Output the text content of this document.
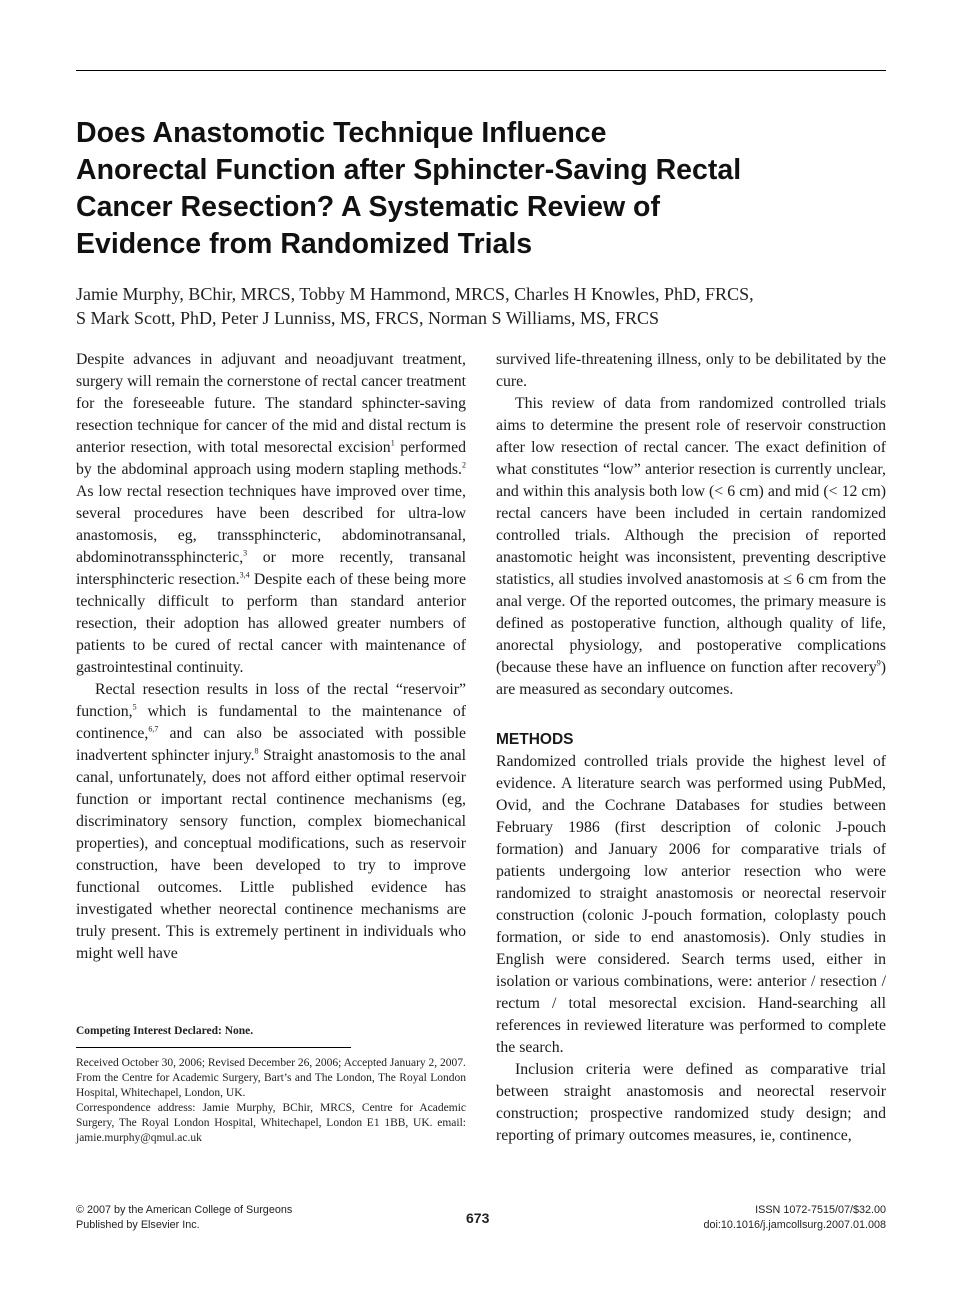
Does Anastomotic Technique Influence
Anorectal Function after Sphincter-Saving Rectal
Cancer Resection? A Systematic Review of
Evidence from Randomized Trials
Jamie Murphy, BChir, MRCS, Tobby M Hammond, MRCS, Charles H Knowles, PhD, FRCS,
S Mark Scott, PhD, Peter J Lunniss, MS, FRCS, Norman S Williams, MS, FRCS

Despite advances in adjuvant and neoadjuvant treatment, surgery will remain the cornerstone of rectal cancer treatment for the foreseeable future. The standard sphincter-saving resection technique for cancer of the mid and distal rectum is anterior resection, with total mesorectal excision$^1$ performed by the abdominal approach using modern stapling methods.$^2$ As low rectal resection techniques have improved over time, several procedures have been described for ultra-low anastomosis, eg, transsphincteric, abdominotransanal, abdominotranssphincteric,$^3$ or more recently, transanal intersphincteric resection.$^{3,4}$ Despite each of these being more technically difficult to perform than standard anterior resection, their adoption has allowed greater numbers of patients to be cured of rectal cancer with maintenance of gastrointestinal continuity.

Rectal resection results in loss of the rectal “reservoir” function,$^5$ which is fundamental to the maintenance of continence,$^{6,7}$ and can also be associated with possible inadvertent sphincter injury.$^8$ Straight anastomosis to the anal canal, unfortunately, does not afford either optimal reservoir function or important rectal continence mechanisms (eg, discriminatory sensory function, complex biomechanical properties), and conceptual modifications, such as reservoir construction, have been developed to try to improve functional outcomes. Little published evidence has investigated whether neorectal continence mechanisms are truly present. This is extremely pertinent in individuals who might well have

survived life-threatening illness, only to be debilitated by the cure.

This review of data from randomized controlled trials aims to determine the present role of reservoir construction after low resection of rectal cancer. The exact definition of what constitutes “low” anterior resection is currently unclear, and within this analysis both low (< 6 cm) and mid (< 12 cm) rectal cancers have been included in certain randomized controlled trials. Although the precision of reported anastomotic height was inconsistent, preventing descriptive statistics, all studies involved anastomosis at ≤ 6 cm from the anal verge. Of the reported outcomes, the primary measure is defined as postoperative function, although quality of life, anorectal physiology, and postoperative complications (because these have an influence on function after recovery$^9$) are measured as secondary outcomes.

METHODS

Randomized controlled trials provide the highest level of evidence. A literature search was performed using PubMed, Ovid, and the Cochrane Databases for studies between February 1986 (first description of colonic J-pouch formation) and January 2006 for comparative trials of patients undergoing low anterior resection who were randomized to straight anastomosis or neorectal reservoir construction (colonic J-pouch formation, coloplasty pouch formation, or side to end anastomosis). Only studies in English were considered. Search terms used, either in isolation or various combinations, were: anterior / resection / rectum / total mesorectal excision. Hand-searching all references in reviewed literature was performed to complete the search.

Inclusion criteria were defined as comparative trial between straight anastomosis and neorectal reservoir construction; prospective randomized study design; and reporting of primary outcomes measures, ie, continence,

Competing Interest Declared: None.

Received October 30, 2006; Revised December 26, 2006; Accepted January 2, 2007.

From the Centre for Academic Surgery, Bart’s and The London, The Royal London Hospital, Whitechapel, London, UK.

Correspondence address: Jamie Murphy, BChir, MRCS, Centre for Academic Surgery, The Royal London Hospital, Whitechapel, London E1 1BB, UK. email: jamie.murphy@qmul.ac.uk

© 2007 by the American College of Surgeons
Published by Elsevier Inc.	673	ISSN 1072-7515/07/$32.00
doi:10.1016/j.jamcollsurg.2007.01.008
